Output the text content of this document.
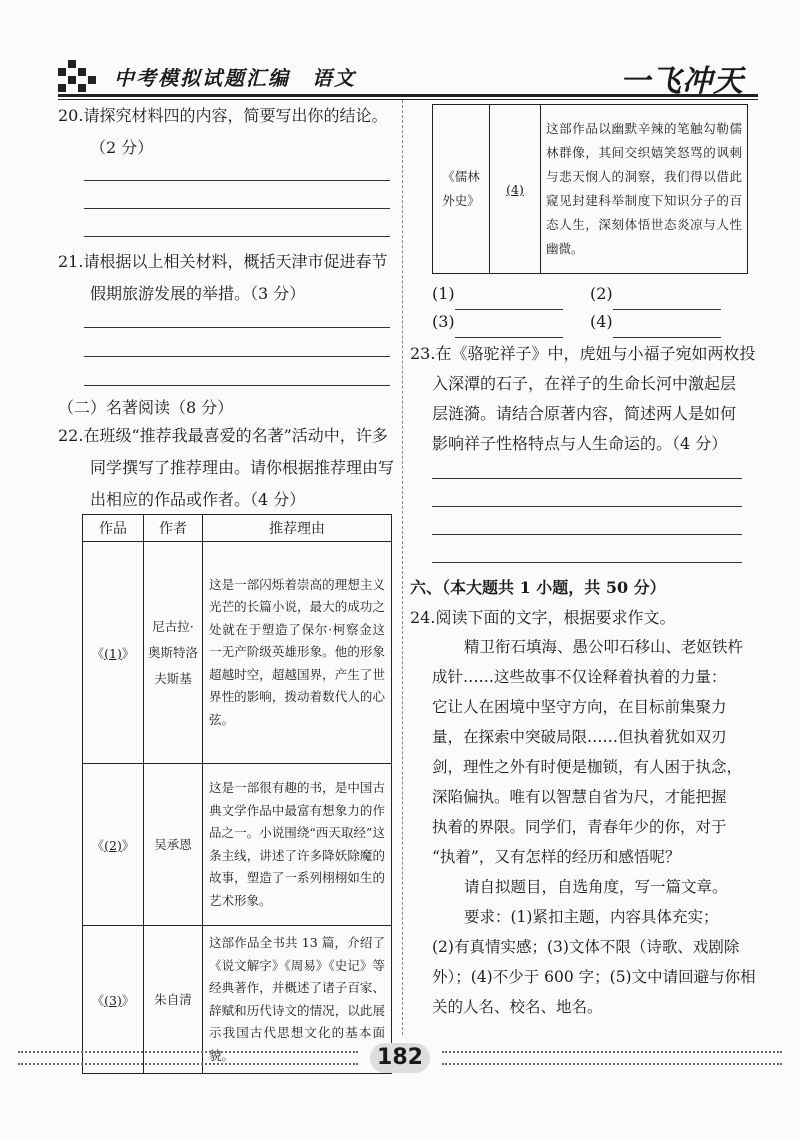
中考模拟试题汇编　语文	一飞冲天
20.请探究材料四的内容，简要写出你的结论。
（2 分）
21.请根据以上相关材料，概括天津市促进春节
假期旅游发展的举措。（3 分）
（二）名著阅读（8 分）
22.在班级“推荐我最喜爱的名著”活动中，许多
同学撰写了推荐理由。请你根据推荐理由写
出相应的作品或作者。（4 分）
作品	作者	推荐理由
《(1)》	尼古拉·奥斯特洛夫斯基	这是一部闪烁着崇高的理想主义光芒的长篇小说，最大的成功之处就在于塑造了保尔·柯察金这一无产阶级英雄形象。他的形象超越时空，超越国界，产生了世界性的影响，拨动着数代人的心弦。
《(2)》	吴承恩	这是一部很有趣的书，是中国古典文学作品中最富有想象力的作品之一。小说围绕“西天取经”这条主线，讲述了许多降妖除魔的故事，塑造了一系列栩栩如生的艺术形象。
《(3)》	朱自清	这部作品全书共 13 篇，介绍了《说文解字》《周易》《史记》等经典著作，并概述了诸子百家、辞赋和历代诗文的情况，以此展示我国古代思想文化的基本面貌。
《儒林外史》	(4)	这部作品以幽默辛辣的笔触勾勒儒林群像，其间交织嬉笑怒骂的讽刺与悲天悯人的洞察，我们得以借此窥见封建科举制度下知识分子的百态人生，深刻体悟世态炎凉与人性幽微。
(1)	(2)
(3)	(4)
23.在《骆驼祥子》中，虎妞与小福子宛如两枚投
入深潭的石子，在祥子的生命长河中激起层
层涟漪。请结合原著内容，简述两人是如何
影响祥子性格特点与人生命运的。（4 分）
六、（本大题共 1 小题，共 50 分）
24.阅读下面的文字，根据要求作文。
精卫衔石填海、愚公叩石移山、老妪铁杵
成针……这些故事不仅诠释着执着的力量：
它让人在困境中坚守方向，在目标前集聚力
量，在探索中突破局限……但执着犹如双刃
剑，理性之外有时便是枷锁，有人困于执念，
深陷偏执。唯有以智慧自省为尺，才能把握
执着的界限。同学们，青春年少的你，对于
“执着”，又有怎样的经历和感悟呢？
请自拟题目，自选角度，写一篇文章。
要求：(1)紧扣主题，内容具体充实；
(2)有真情实感；(3)文体不限（诗歌、戏剧除
外）；(4)不少于 600 字；(5)文中请回避与你相
关的人名、校名、地名。
182
